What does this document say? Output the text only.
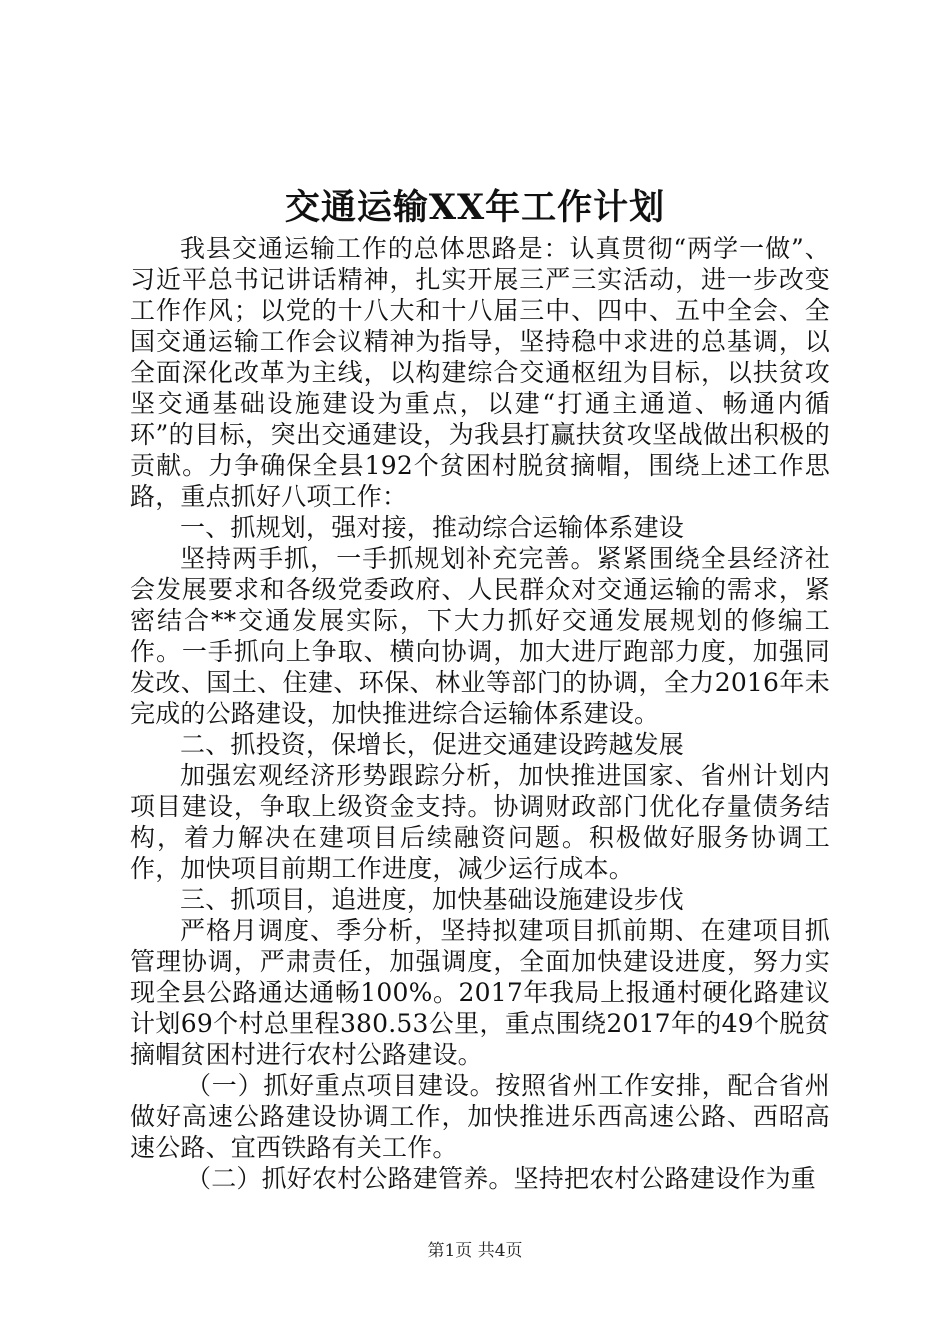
交通运输XX年工作计划

我县交通运输工作的总体思路是：认真贯彻“两学一做”、习近平总书记讲话精神，扎实开展三严三实活动，进一步改变工作作风；以党的十八大和十八届三中、四中、五中全会、全国交通运输工作会议精神为指导，坚持稳中求进的总基调，以全面深化改革为主线，以构建综合交通枢纽为目标，以扶贫攻坚交通基础设施建设为重点，以建“打通主通道、畅通内循环”的目标，突出交通建设，为我县打赢扶贫攻坚战做出积极的贡献。力争确保全县192个贫困村脱贫摘帽，围绕上述工作思路，重点抓好八项工作：

一、抓规划，强对接，推动综合运输体系建设

坚持两手抓，一手抓规划补充完善。紧紧围绕全县经济社会发展要求和各级党委政府、人民群众对交通运输的需求，紧密结合**交通发展实际，下大力抓好交通发展规划的修编工作。一手抓向上争取、横向协调，加大进厅跑部力度，加强同发改、国土、住建、环保、林业等部门的协调，全力2016年未完成的公路建设，加快推进综合运输体系建设。

二、抓投资，保增长，促进交通建设跨越发展

加强宏观经济形势跟踪分析，加快推进国家、省州计划内项目建设，争取上级资金支持。协调财政部门优化存量债务结构，着力解决在建项目后续融资问题。积极做好服务协调工作，加快项目前期工作进度，减少运行成本。

三、抓项目，追进度，加快基础设施建设步伐

严格月调度、季分析，坚持拟建项目抓前期、在建项目抓管理协调，严肃责任，加强调度，全面加快建设进度，努力实现全县公路通达通畅100%。2017年我局上报通村硬化路建议计划69个村总里程380.53公里，重点围绕2017年的49个脱贫摘帽贫困村进行农村公路建设。

（一）抓好重点项目建设。按照省州工作安排，配合省州做好高速公路建设协调工作，加快推进乐西高速公路、西昭高速公路、宜西铁路有关工作。

（二）抓好农村公路建管养。坚持把农村公路建设作为重

第1页 共4页
